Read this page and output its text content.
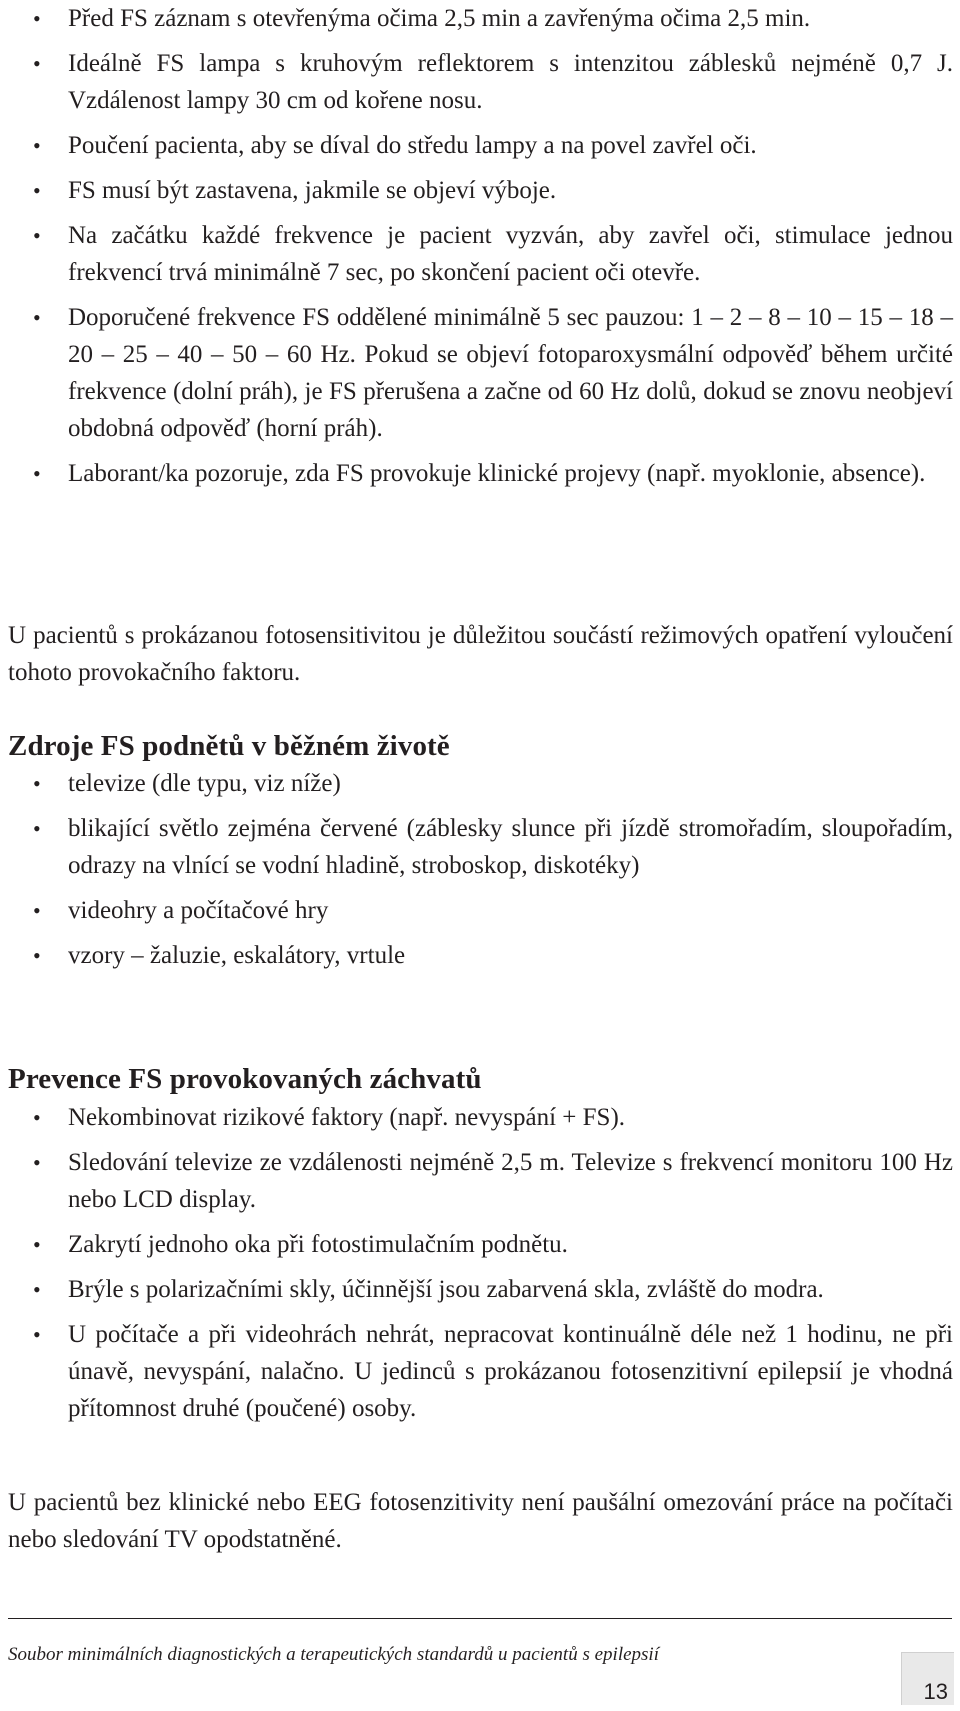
• Před FS záznam s otevřenýma očima 2,5 min a zavřenýma očima 2,5 min.
• Ideálně FS lampa s kruhovým reflektorem s intenzitou záblesků nejméně 0,7 J. Vzdálenost lampy 30 cm od kořene nosu.
• Poučení pacienta, aby se díval do středu lampy a na povel zavřel oči.
• FS musí být zastavena, jakmile se objeví výboje.
• Na začátku každé frekvence je pacient vyzván, aby zavřel oči, stimulace jednou frekvencí trvá minimálně 7 sec, po skončení pacient oči otevře.
• Doporučené frekvence FS oddělené minimálně 5 sec pauzou: 1 – 2 – 8 – 10 – 15 – 18 – 20 – 25 – 40 – 50 – 60 Hz. Pokud se objeví fotoparoxysmální odpověď během určité frekvence (dolní práh), je FS přerušena a začne od 60 Hz dolů, dokud se znovu neobjeví obdobná odpověď (horní práh).
• Laborant/ka pozoruje, zda FS provokuje klinické projevy (např. myoklonie, absence).

U pacientů s prokázanou fotosensitivitou je důležitou součástí režimových opatření vyloučení tohoto provokačního faktoru.

Zdroje FS podnětů v běžném životě
• televize (dle typu, viz níže)
• blikající světlo zejména červené (záblesky slunce při jízdě stromořadím, sloupořadím, odrazy na vlnící se vodní hladině, stroboskop, diskotéky)
• videohry a počítačové hry
• vzory – žaluzie, eskalátory, vrtule
Prevence FS provokovaných záchvatů
• Nekombinovat rizikové faktory (např. nevyspání + FS).
• Sledování televize ze vzdálenosti nejméně 2,5 m. Televize s frekvencí monitoru 100 Hz nebo LCD display.
• Zakrytí jednoho oka při fotostimulačním podnětu.
• Brýle s polarizačními skly, účinnější jsou zabarvená skla, zvláště do modra.
• U počítače a při videohrách nehrát, nepracovat kontinuálně déle než 1 hodinu, ne při únavě, nevyspání, nalačno. U jedinců s prokázanou fotosenzitivní epilepsií je vhodná přítomnost druhé (poučené) osoby.

U pacientů bez klinické nebo EEG fotosenzitivity není paušální omezování práce na počítači nebo sledování TV opodstatněné.

Soubor minimálních diagnostických a terapeutických standardů u pacientů s epilepsií
13
